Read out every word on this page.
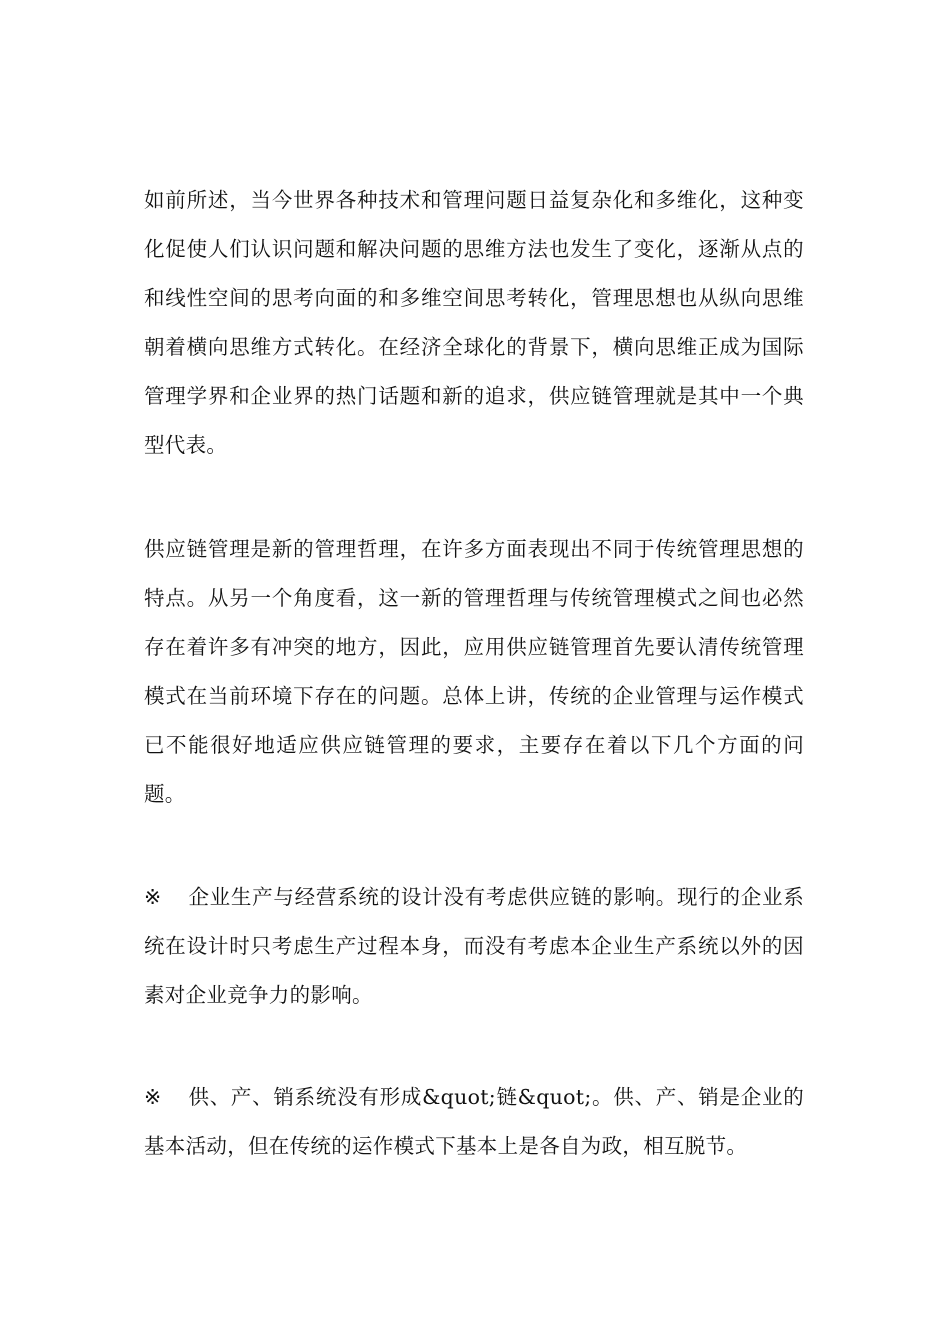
如前所述，当今世界各种技术和管理问题日益复杂化和多维化，这种变化促使人们认识问题和解决问题的思维方法也发生了变化，逐渐从点的和线性空间的思考向面的和多维空间思考转化，管理思想也从纵向思维朝着横向思维方式转化。在经济全球化的背景下，横向思维正成为国际管理学界和企业界的热门话题和新的追求，供应链管理就是其中一个典型代表。

供应链管理是新的管理哲理，在许多方面表现出不同于传统管理思想的特点。从另一个角度看，这一新的管理哲理与传统管理模式之间也必然存在着许多有冲突的地方，因此，应用供应链管理首先要认清传统管理模式在当前环境下存在的问题。总体上讲，传统的企业管理与运作模式已不能很好地适应供应链管理的要求，主要存在着以下几个方面的问题。

※ 企业生产与经营系统的设计没有考虑供应链的影响。现行的企业系统在设计时只考虑生产过程本身，而没有考虑本企业生产系统以外的因素对企业竞争力的影响。

※ 供、产、销系统没有形成&quot;链&quot;。供、产、销是企业的基本活动，但在传统的运作模式下基本上是各自为政，相互脱节。
